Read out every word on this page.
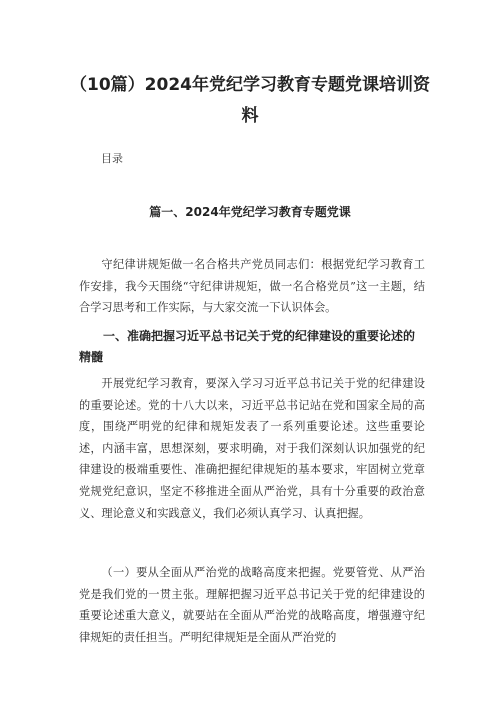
（10篇）2024年党纪学习教育专题党课培训资料
目录
篇一、2024年党纪学习教育专题党课

守纪律讲规矩做一名合格共产党员同志们：根据党纪学习教育工作安排，我今天围绕“守纪律讲规矩，做一名合格党员”这一主题，结合学习思考和工作实际，与大家交流一下认识体会。

一、准确把握习近平总书记关于党的纪律建设的重要论述的精髓

开展党纪学习教育，要深入学习习近平总书记关于党的纪律建设的重要论述。党的十八大以来，习近平总书记站在党和国家全局的高度，围绕严明党的纪律和规矩发表了一系列重要论述。这些重要论述，内涵丰富，思想深刻，要求明确，对于我们深刻认识加强党的纪律建设的极端重要性、准确把握纪律规矩的基本要求，牢固树立党章党规党纪意识，坚定不移推进全面从严治党，具有十分重要的政治意义、理论意义和实践意义，我们必须认真学习、认真把握。

（一）要从全面从严治党的战略高度来把握。党要管党、从严治党是我们党的一贯主张。理解把握习近平总书记关于党的纪律建设的重要论述重大意义，就要站在全面从严治党的战略高度，增强遵守纪律规矩的责任担当。严明纪律规矩是全面从严治党的
